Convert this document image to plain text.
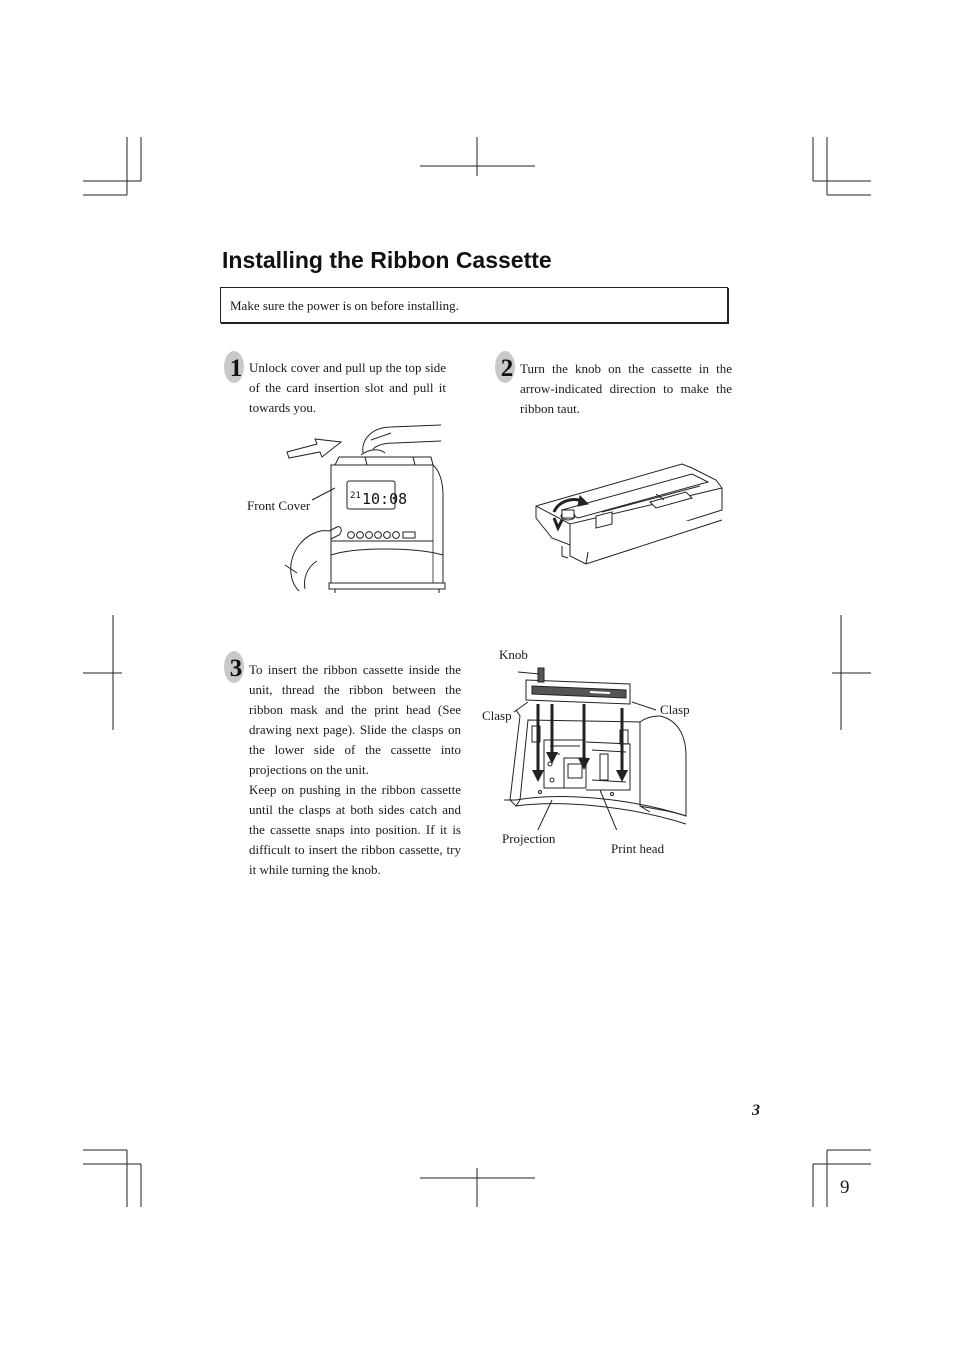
Installing the Ribbon Cassette
Make sure the power is on before installing.
1 Unlock cover and pull up the top side of the card insertion slot and pull it towards you.
21 10:08
Front Cover
2 Turn the knob on the cassette in the arrow-indicated direction to make the ribbon taut.
3 To insert the ribbon cassette inside the unit, thread the ribbon between the ribbon mask and the print head (See drawing next page). Slide the clasps on the lower side of the cassette into projections on the unit.
Keep on pushing in the ribbon cassette until the clasps at both sides catch and the cassette snaps into position. If it is difficult to insert the ribbon cassette, try it while turning the knob.
Knob
Clasp	Clasp
Projection
Print head
3
9
